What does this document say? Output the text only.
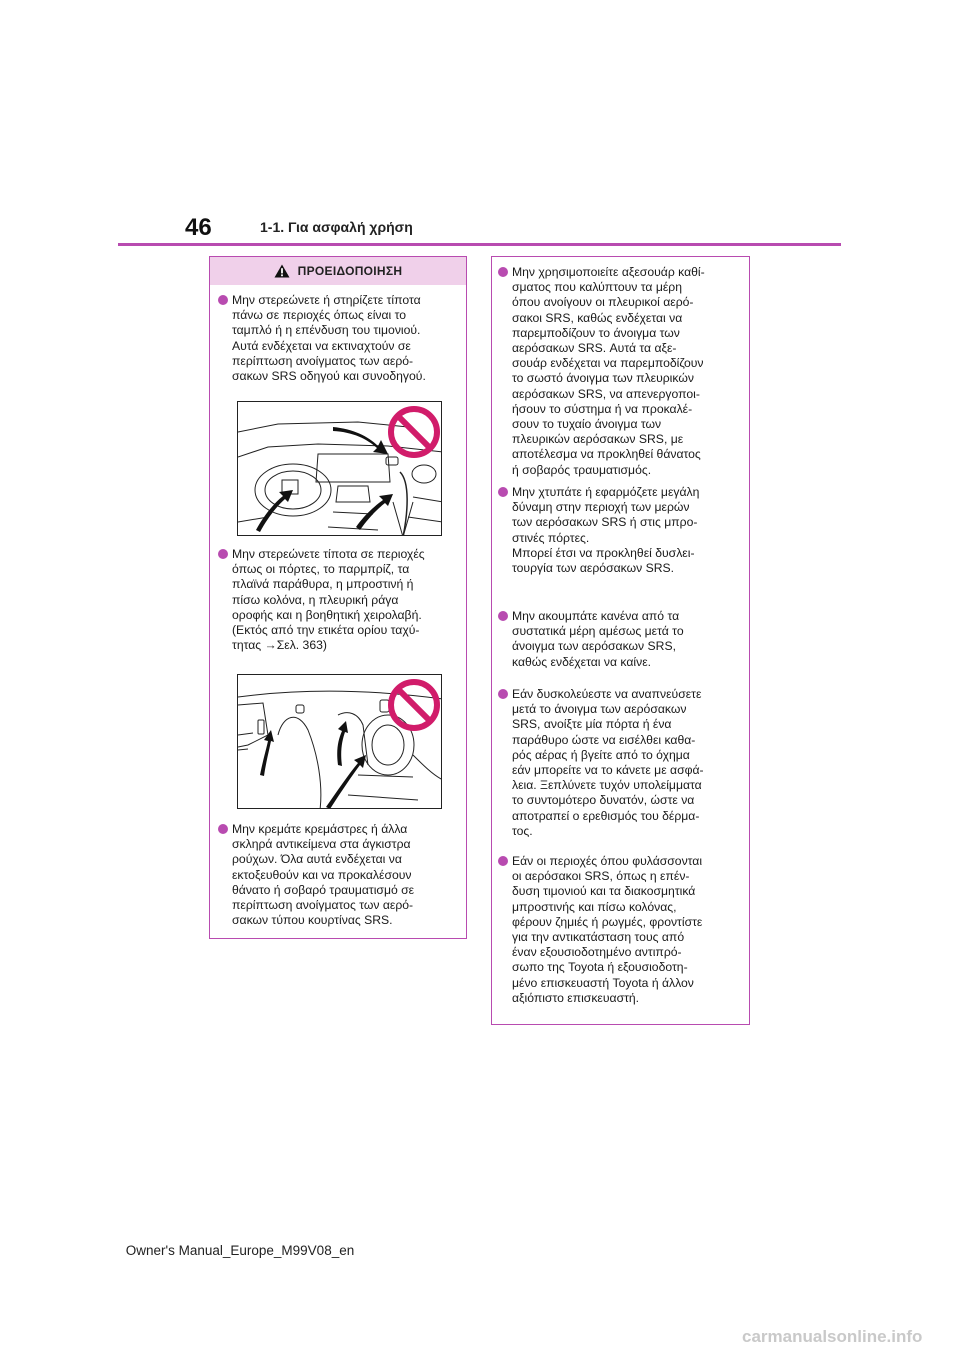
46	1-1. Για ασφαλή χρήση
ΠΡΟΕΙΔΟΠΟΙΗΣΗ
Μην στερεώνετε ή στηρίζετε τίποτα
πάνω σε περιοχές όπως είναι το
ταμπλό ή η επένδυση του τιμονιού.
Αυτά ενδέχεται να εκτιναχτούν σε
περίπτωση ανοίγματος των αερό-
σακων SRS οδηγού και συνοδηγού.
Μην στερεώνετε τίποτα σε περιοχές
όπως οι πόρτες, το παρμπρίζ, τα
πλαϊνά παράθυρα, η μπροστινή ή
πίσω κολόνα, η πλευρική ράγα
οροφής και η βοηθητική χειρολαβή.
(Εκτός από την ετικέτα ορίου ταχύ-
τητας →Σελ. 363)
Μην κρεμάτε κρεμάστρες ή άλλα
σκληρά αντικείμενα στα άγκιστρα
ρούχων. Όλα αυτά ενδέχεται να
εκτοξευθούν και να προκαλέσουν
θάνατο ή σοβαρό τραυματισμό σε
περίπτωση ανοίγματος των αερό-
σακων τύπου κουρτίνας SRS.
Μην χρησιμοποιείτε αξεσουάρ καθί-
σματος που καλύπτουν τα μέρη
όπου ανοίγουν οι πλευρικοί αερό-
σακοι SRS, καθώς ενδέχεται να
παρεμποδίζουν το άνοιγμα των
αερόσακων SRS. Αυτά τα αξε-
σουάρ ενδέχεται να παρεμποδίζουν
το σωστό άνοιγμα των πλευρικών
αερόσακων SRS, να απενεργοποι-
ήσουν το σύστημα ή να προκαλέ-
σουν το τυχαίο άνοιγμα των
πλευρικών αερόσακων SRS, με
αποτέλεσμα να προκληθεί θάνατος
ή σοβαρός τραυματισμός.
Μην χτυπάτε ή εφαρμόζετε μεγάλη
δύναμη στην περιοχή των μερών
των αερόσακων SRS ή στις μπρο-
στινές πόρτες.
Μπορεί έτσι να προκληθεί δυσλει-
τουργία των αερόσακων SRS.
Μην ακουμπάτε κανένα από τα
συστατικά μέρη αμέσως μετά το
άνοιγμα των αερόσακων SRS,
καθώς ενδέχεται να καίνε.
Εάν δυσκολεύεστε να αναπνεύσετε
μετά το άνοιγμα των αερόσακων
SRS, ανοίξτε μία πόρτα ή ένα
παράθυρο ώστε να εισέλθει καθα-
ρός αέρας ή βγείτε από το όχημα
εάν μπορείτε να το κάνετε με ασφά-
λεια. Ξεπλύνετε τυχόν υπολείμματα
το συντομότερο δυνατόν, ώστε να
αποτραπεί ο ερεθισμός του δέρμα-
τος.
Εάν οι περιοχές όπου φυλάσσονται
οι αερόσακοι SRS, όπως η επέν-
δυση τιμονιού και τα διακοσμητικά
μπροστινής και πίσω κολόνας,
φέρουν ζημιές ή ρωγμές, φροντίστε
για την αντικατάσταση τους από
έναν εξουσιοδοτημένο αντιπρό-
σωπο της Toyota ή εξουσιοδοτη-
μένο επισκευαστή Toyota ή άλλον
αξιόπιστο επισκευαστή.
Owner's Manual_Europe_M99V08_en
carmanualsonline.info
